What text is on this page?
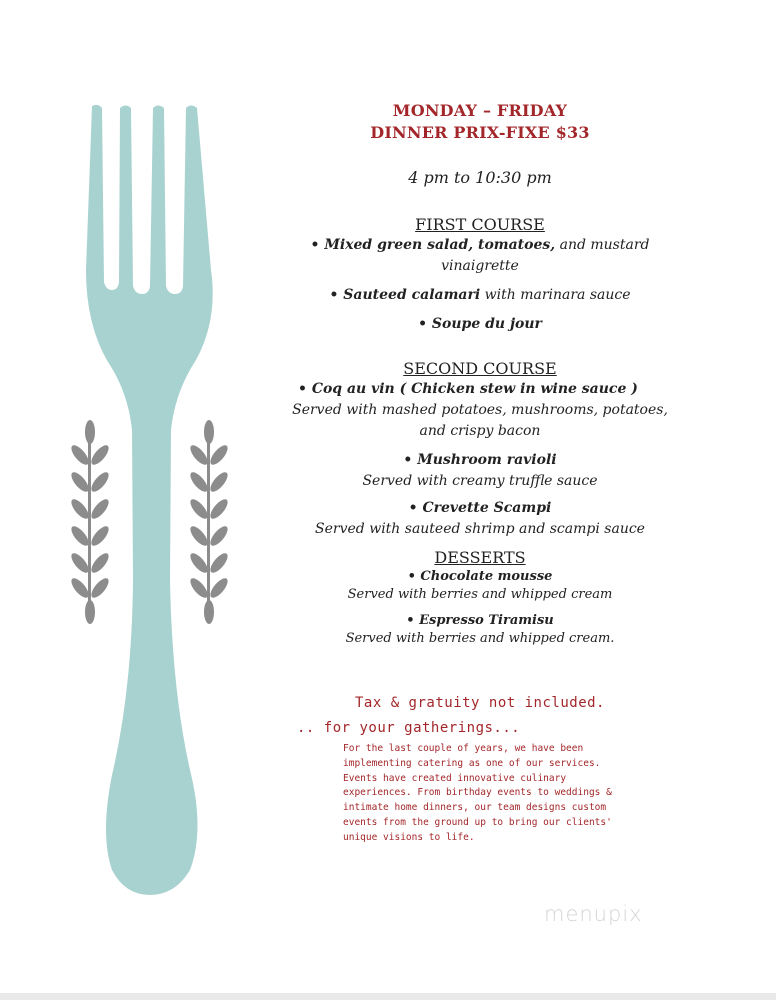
MONDAY – FRIDAY
DINNER PRIX-FIXE $33
4 pm to 10:30 pm
FIRST COURSE
• Mixed green salad, tomatoes, and mustard
vinaigrette
• Sauteed calamari with marinara sauce
• Soupe du jour
SECOND COURSE
• Coq au vin ( Chicken stew in wine sauce )
Served with mashed potatoes, mushrooms, potatoes,
and crispy bacon
• Mushroom ravioli
Served with creamy truffle sauce
• Crevette Scampi
Served with sauteed shrimp and scampi sauce
DESSERTS
• Chocolate mousse
Served with berries and whipped cream
• Espresso Tiramisu
Served with berries and whipped cream.
Tax & gratuity not included.
.. for your gatherings...
For the last couple of years, we have been
implementing catering as one of our services.
Events have created innovative culinary
experiences. From birthday events to weddings &
intimate home dinners, our team designs custom
events from the ground up to bring our clients'
unique visions to life.
menupix
